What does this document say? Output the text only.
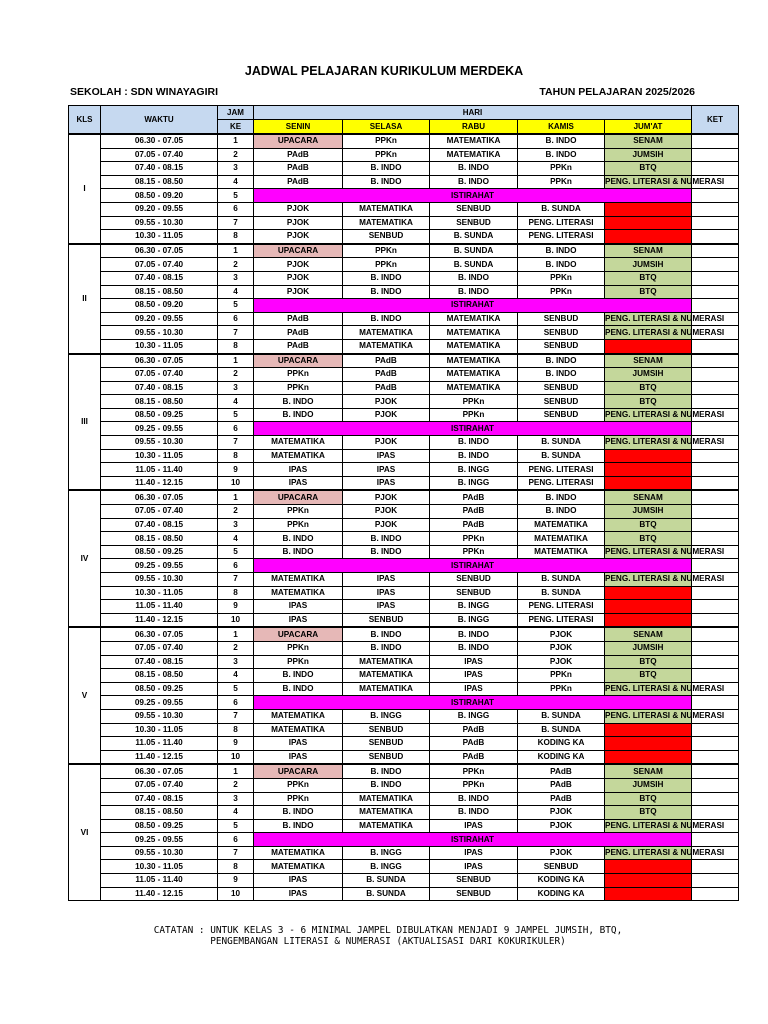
JADWAL PELAJARAN KURIKULUM MERDEKA
SEKOLAH : SDN WINAYAGIRI	TAHUN PELAJARAN 2025/2026
KLS	WAKTU	JAM	HARI					KET
		KE	SENIN	SELASA	RABU	KAMIS	JUM'AT	
I	06.30 - 07.05	1	UPACARA	PPKn	MATEMATIKA	B. INDO	SENAM	
	07.05 - 07.40	2	PAdB	PPKn	MATEMATIKA	B. INDO	JUMSIH	
	07.40 - 08.15	3	PAdB	B. INDO	B. INDO	PPKn	BTQ	
	08.15 - 08.50	4	PAdB	B. INDO	B. INDO	PPKn	PENG. LITERASI & NUMERASI	
	08.50 - 09.20	5	ISTIRAHAT					
	09.20 - 09.55	6	PJOK	MATEMATIKA	SENBUD	B. SUNDA		
	09.55 - 10.30	7	PJOK	MATEMATIKA	SENBUD	PENG. LITERASI		
	10.30 - 11.05	8	PJOK	SENBUD	B. SUNDA	PENG. LITERASI		
II	06.30 - 07.05	1	UPACARA	PPKn	B. SUNDA	B. INDO	SENAM	
	07.05 - 07.40	2	PJOK	PPKn	B. SUNDA	B. INDO	JUMSIH	
	07.40 - 08.15	3	PJOK	B. INDO	B. INDO	PPKn	BTQ	
	08.15 - 08.50	4	PJOK	B. INDO	B. INDO	PPKn	BTQ	
	08.50 - 09.20	5	ISTIRAHAT					
	09.20 - 09.55	6	PAdB	B. INDO	MATEMATIKA	SENBUD	PENG. LITERASI & NUMERASI	
	09.55 - 10.30	7	PAdB	MATEMATIKA	MATEMATIKA	SENBUD	PENG. LITERASI & NUMERASI	
	10.30 - 11.05	8	PAdB	MATEMATIKA	MATEMATIKA	SENBUD		
III	06.30 - 07.05	1	UPACARA	PAdB	MATEMATIKA	B. INDO	SENAM	
	07.05 - 07.40	2	PPKn	PAdB	MATEMATIKA	B. INDO	JUMSIH	
	07.40 - 08.15	3	PPKn	PAdB	MATEMATIKA	SENBUD	BTQ	
	08.15 - 08.50	4	B. INDO	PJOK	PPKn	SENBUD	BTQ	
	08.50 - 09.25	5	B. INDO	PJOK	PPKn	SENBUD	PENG. LITERASI & NUMERASI	
	09.25 - 09.55	6	ISTIRAHAT					
	09.55 - 10.30	7	MATEMATIKA	PJOK	B. INDO	B. SUNDA	PENG. LITERASI & NUMERASI	
	10.30 - 11.05	8	MATEMATIKA	IPAS	B. INDO	B. SUNDA		
	11.05 - 11.40	9	IPAS	IPAS	B. INGG	PENG. LITERASI		
	11.40 - 12.15	10	IPAS	IPAS	B. INGG	PENG. LITERASI		
IV	06.30 - 07.05	1	UPACARA	PJOK	PAdB	B. INDO	SENAM	
	07.05 - 07.40	2	PPKn	PJOK	PAdB	B. INDO	JUMSIH	
	07.40 - 08.15	3	PPKn	PJOK	PAdB	MATEMATIKA	BTQ	
	08.15 - 08.50	4	B. INDO	B. INDO	PPKn	MATEMATIKA	BTQ	
	08.50 - 09.25	5	B. INDO	B. INDO	PPKn	MATEMATIKA	PENG. LITERASI & NUMERASI	
	09.25 - 09.55	6	ISTIRAHAT					
	09.55 - 10.30	7	MATEMATIKA	IPAS	SENBUD	B. SUNDA	PENG. LITERASI & NUMERASI	
	10.30 - 11.05	8	MATEMATIKA	IPAS	SENBUD	B. SUNDA		
	11.05 - 11.40	9	IPAS	IPAS	B. INGG	PENG. LITERASI		
	11.40 - 12.15	10	IPAS	SENBUD	B. INGG	PENG. LITERASI		
V	06.30 - 07.05	1	UPACARA	B. INDO	B. INDO	PJOK	SENAM	
	07.05 - 07.40	2	PPKn	B. INDO	B. INDO	PJOK	JUMSIH	
	07.40 - 08.15	3	PPKn	MATEMATIKA	IPAS	PJOK	BTQ	
	08.15 - 08.50	4	B. INDO	MATEMATIKA	IPAS	PPKn	BTQ	
	08.50 - 09.25	5	B. INDO	MATEMATIKA	IPAS	PPKn	PENG. LITERASI & NUMERASI	
	09.25 - 09.55	6	ISTIRAHAT					
	09.55 - 10.30	7	MATEMATIKA	B. INGG	B. INGG	B. SUNDA	PENG. LITERASI & NUMERASI	
	10.30 - 11.05	8	MATEMATIKA	SENBUD	PAdB	B. SUNDA		
	11.05 - 11.40	9	IPAS	SENBUD	PAdB	KODING KA		
	11.40 - 12.15	10	IPAS	SENBUD	PAdB	KODING KA		
VI	06.30 - 07.05	1	UPACARA	B. INDO	PPKn	PAdB	SENAM	
	07.05 - 07.40	2	PPKn	B. INDO	PPKn	PAdB	JUMSIH	
	07.40 - 08.15	3	PPKn	MATEMATIKA	B. INDO	PAdB	BTQ	
	08.15 - 08.50	4	B. INDO	MATEMATIKA	B. INDO	PJOK	BTQ	
	08.50 - 09.25	5	B. INDO	MATEMATIKA	IPAS	PJOK	PENG. LITERASI & NUMERASI	
	09.25 - 09.55	6	ISTIRAHAT					
	09.55 - 10.30	7	MATEMATIKA	B. INGG	IPAS	PJOK	PENG. LITERASI & NUMERASI	
	10.30 - 11.05	8	MATEMATIKA	B. INGG	IPAS	SENBUD		
	11.05 - 11.40	9	IPAS	B. SUNDA	SENBUD	KODING KA		
	11.40 - 12.15	10	IPAS	B. SUNDA	SENBUD	KODING KA		
CATATAN : UNTUK KELAS 3 - 6 MINIMAL JAMPEL DIBULATKAN MENJADI 9 JAMPEL JUMSIH, BTQ,
PENGEMBANGAN LITERASI & NUMERASI (AKTUALISASI DARI KOKURIKULER)
